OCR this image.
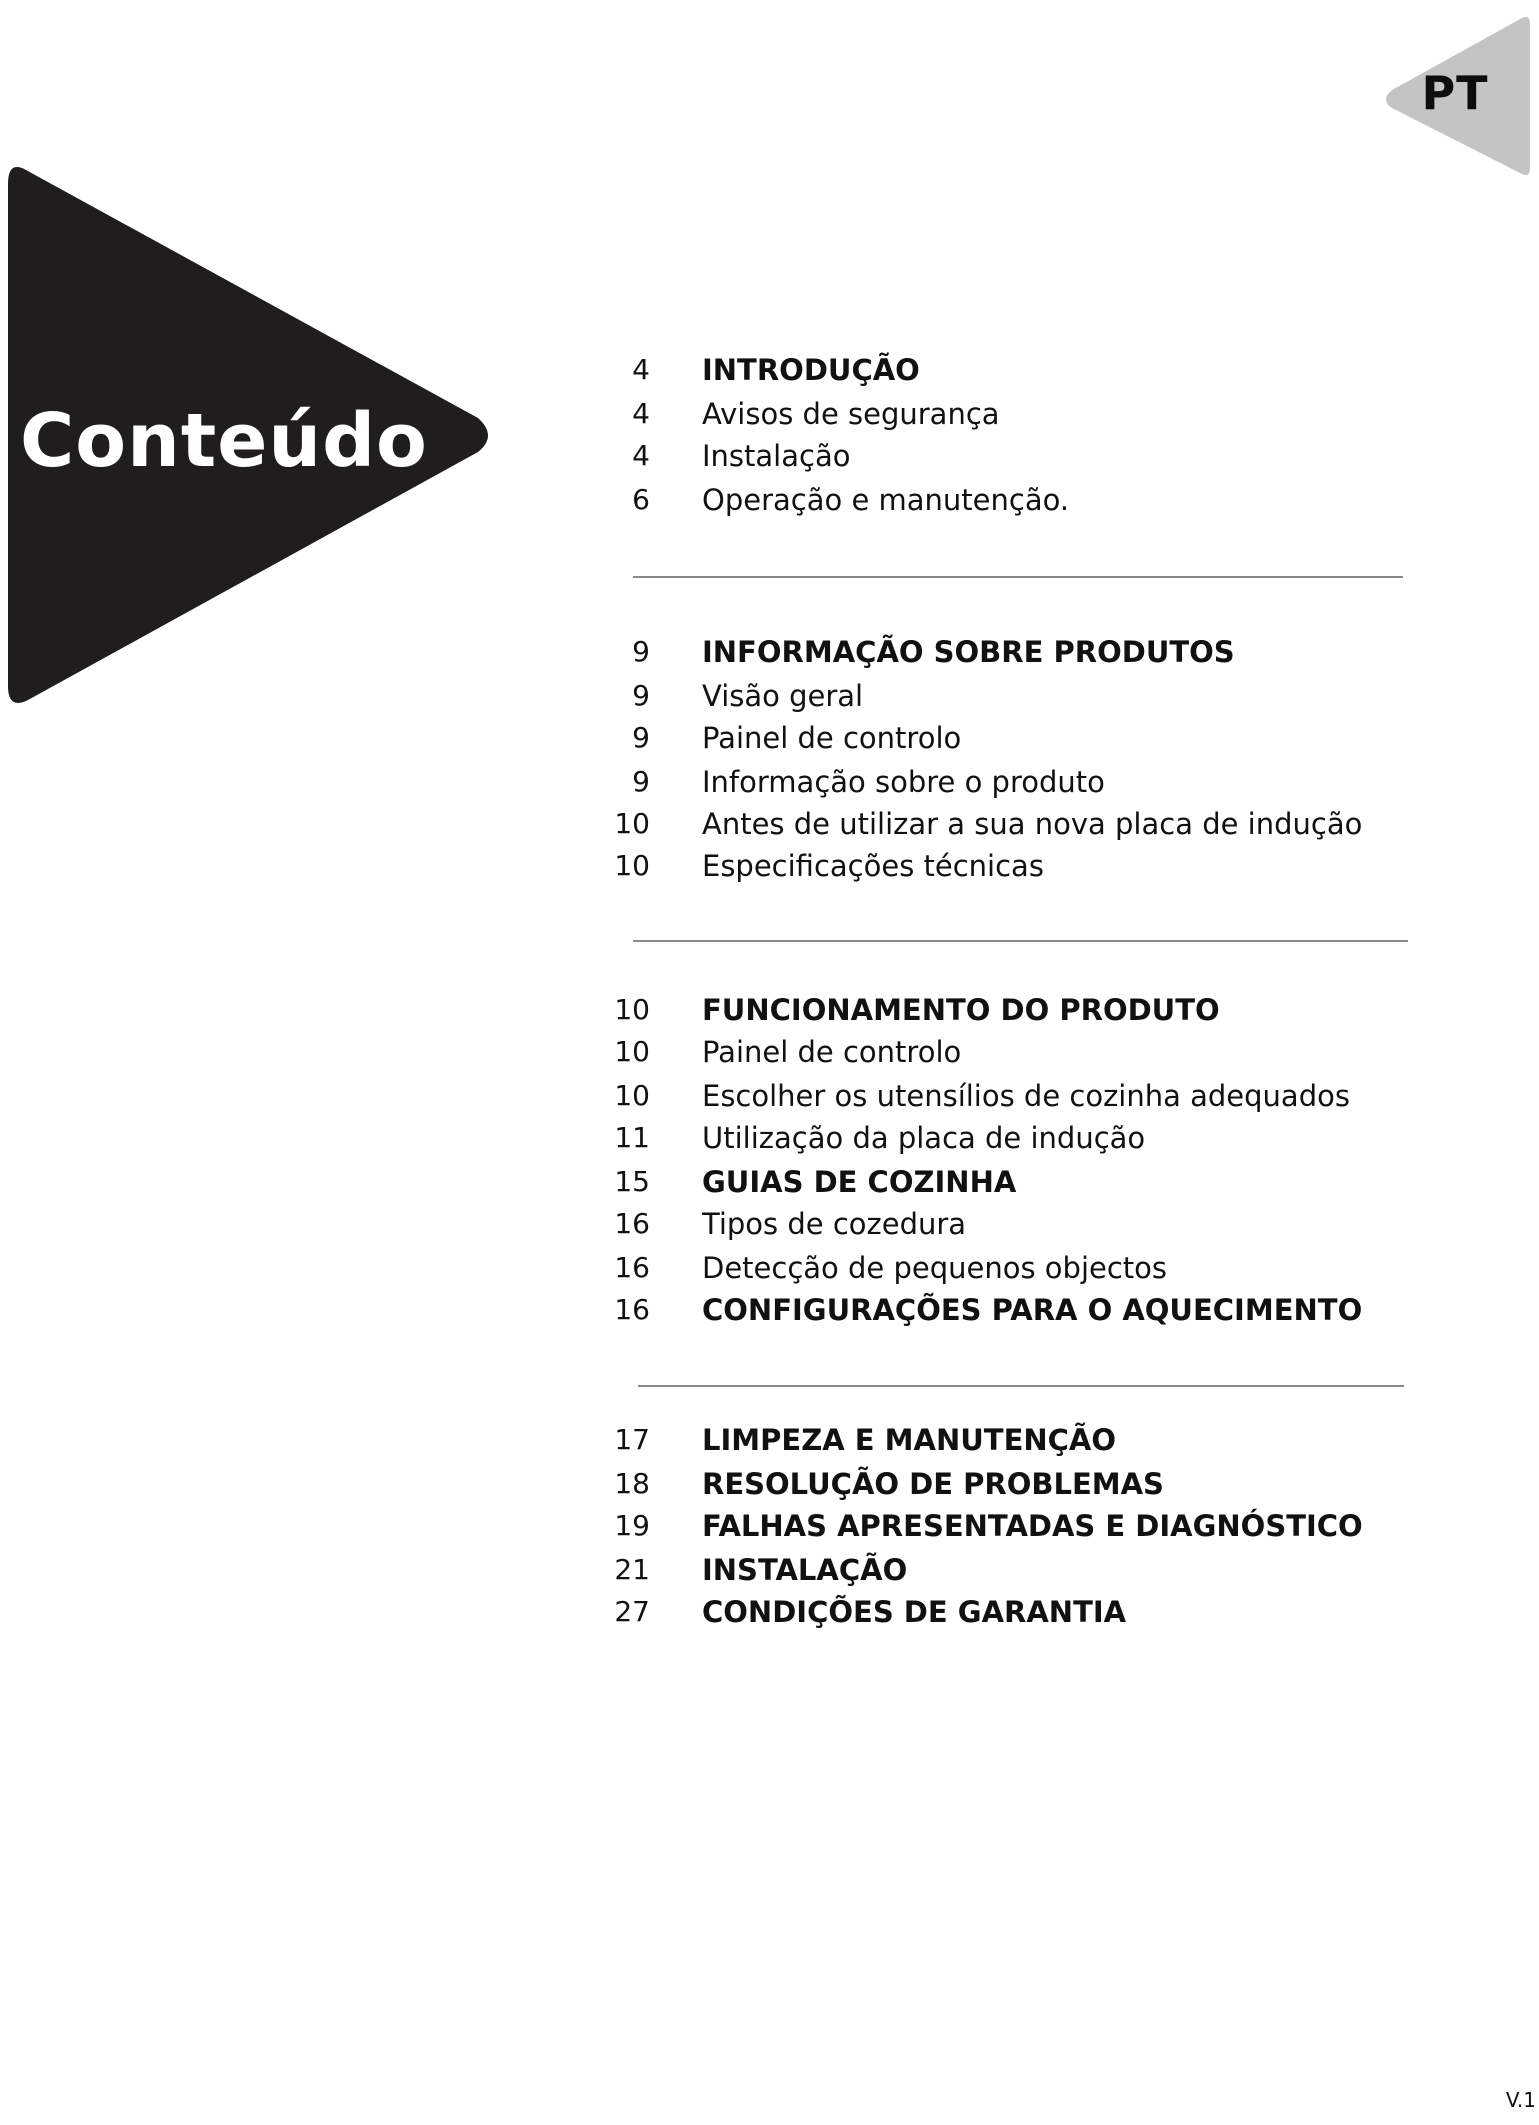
PT
Conteúdo
4 INTRODUÇÃO
4 Avisos de segurança
4 Instalação
6 Operação e manutenção.
9 INFORMAÇÃO SOBRE PRODUTOS
9 Visão geral
9 Painel de controlo
9 Informação sobre o produto
10 Antes de utilizar a sua nova placa de indução
10 Especificações técnicas
10 FUNCIONAMENTO DO PRODUTO
10 Painel de controlo
10 Escolher os utensílios de cozinha adequados
11 Utilização da placa de indução
15 GUIAS DE COZINHA
16 Tipos de cozedura
16 Detecção de pequenos objectos
16 CONFIGURAÇÕES PARA O AQUECIMENTO
17 LIMPEZA E MANUTENÇÃO
18 RESOLUÇÃO DE PROBLEMAS
19 FALHAS APRESENTADAS E DIAGNÓSTICO
21 INSTALAÇÃO
27 CONDIÇÕES DE GARANTIA
V.1
